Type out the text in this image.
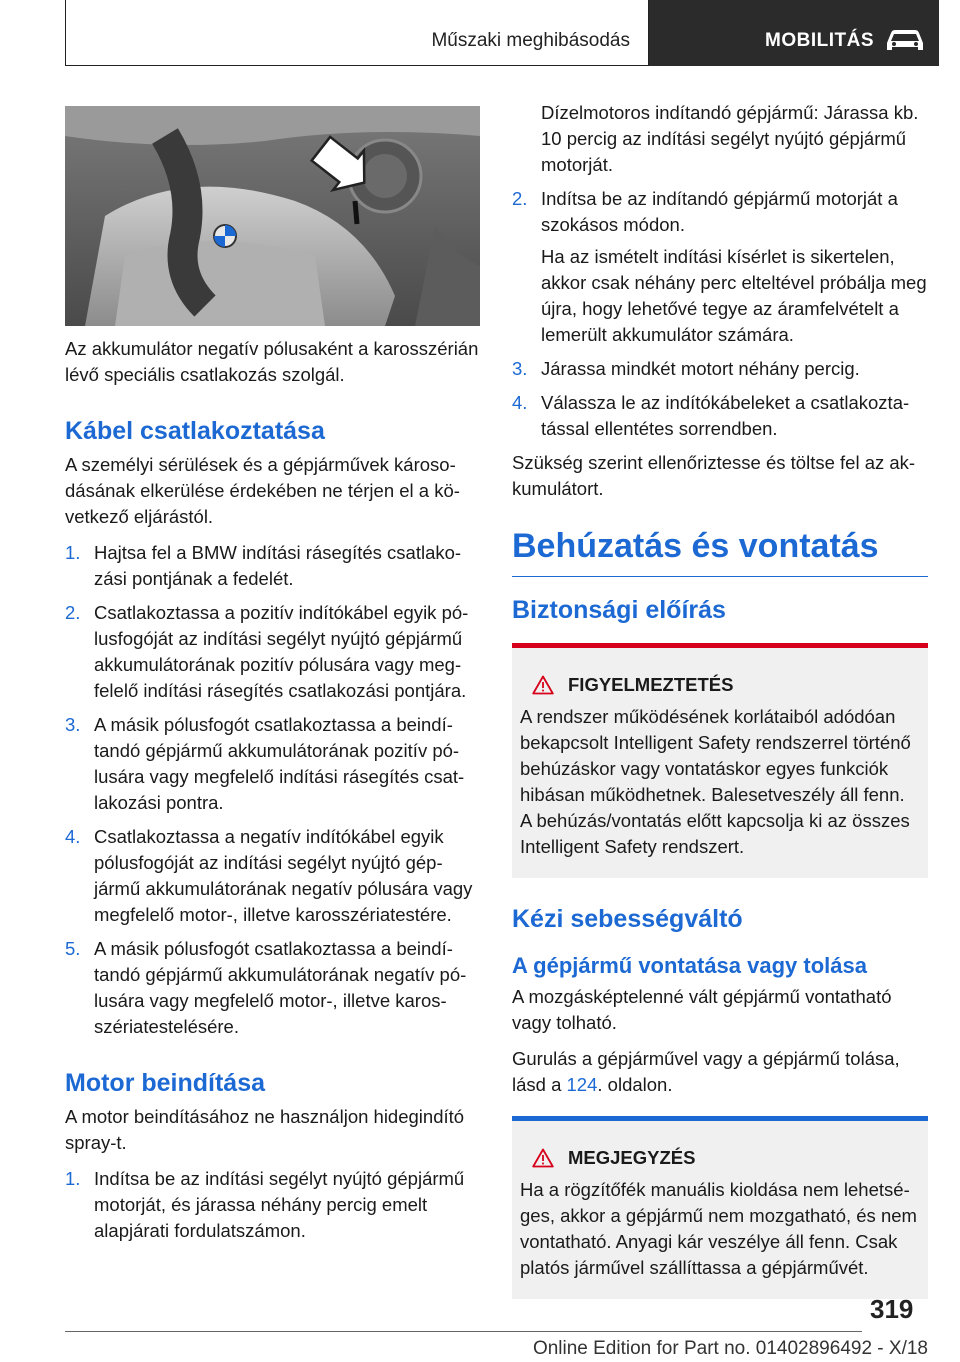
Műszaki meghibásodás	MOBILITÁS

Az akkumulátor negatív pólusaként a karosszérián lévő speciális csatlakozás szolgál.

Kábel csatlakoztatása

A személyi sérülések és a gépjárművek károsodásának elkerülése érdekében ne térjen el a következő eljárástól.

1. Hajtsa fel a BMW indítási rásegítés csatlakozási pontjának a fedelét.
2. Csatlakoztassa a pozitív indítókábel egyik pólusfogóját az indítási segélyt nyújtó gépjármű akkumulátorának pozitív pólusára vagy megfelelő indítási rásegítés csatlakozási pontjára.
3. A másik pólusfogót csatlakoztassa a beindítandó gépjármű akkumulátorának pozitív pólusára vagy megfelelő indítási rásegítés csatlakozási pontra.
4. Csatlakoztassa a negatív indítókábel egyik pólusfogóját az indítási segélyt nyújtó gépjármű akkumulátorának negatív pólusára vagy megfelelő motor-, illetve karosszériatestére.
5. A másik pólusfogót csatlakoztassa a beindítandó gépjármű akkumulátorának negatív pólusára vagy megfelelő motor-, illetve karosszériatestelésére.
Motor beindítása

A motor beindításához ne használjon hidegindító spray-t.

1. Indítsa be az indítási segélyt nyújtó gépjármű motorját, és járassa néhány percig emelt alapjárati fordulatszámon.
Dízelmotoros indítandó gépjármű: Járassa kb. 10 percig az indítási segélyt nyújtó gépjármű motorját.
2. Indítsa be az indítandó gépjármű motorját a szokásos módon.
Ha az ismételt indítási kísérlet is sikertelen, akkor csak néhány perc elteltével próbálja meg újra, hogy lehetővé tegye az áramfelvételt a lemerült akkumulátor számára.
3. Járassa mindkét motort néhány percig.
4. Válassza le az indítókábeleket a csatlakoztatással ellentétes sorrendben.

Szükség szerint ellenőriztesse és töltse fel az akkumulátort.

Behúzatás és vontatás
Biztonsági előírás
FIGYELMEZTETÉS

A rendszer működésének korlátaiból adódóan bekapcsolt Intelligent Safety rendszerrel történő behúzáskor vagy vontatáskor egyes funkciók hibásan működhetnek. Balesetveszély áll fenn. A behúzás/vontatás előtt kapcsolja ki az összes Intelligent Safety rendszert.

Kézi sebességváltó
A gépjármű vontatása vagy tolása

A mozgásképtelenné vált gépjármű vontatható vagy tolható.

Gurulás a gépjárművel vagy a gépjármű tolása, lásd a 124. oldalon.

MEGJEGYZÉS

Ha a rögzítőfék manuális kioldása nem lehetséges, akkor a gépjármű nem mozgatható, és nem vontatható. Anyagi kár veszélye áll fenn. Csak platós járművel szállíttassa a gépjárművét.

319
Online Edition for Part no. 01402896492 - X/18
